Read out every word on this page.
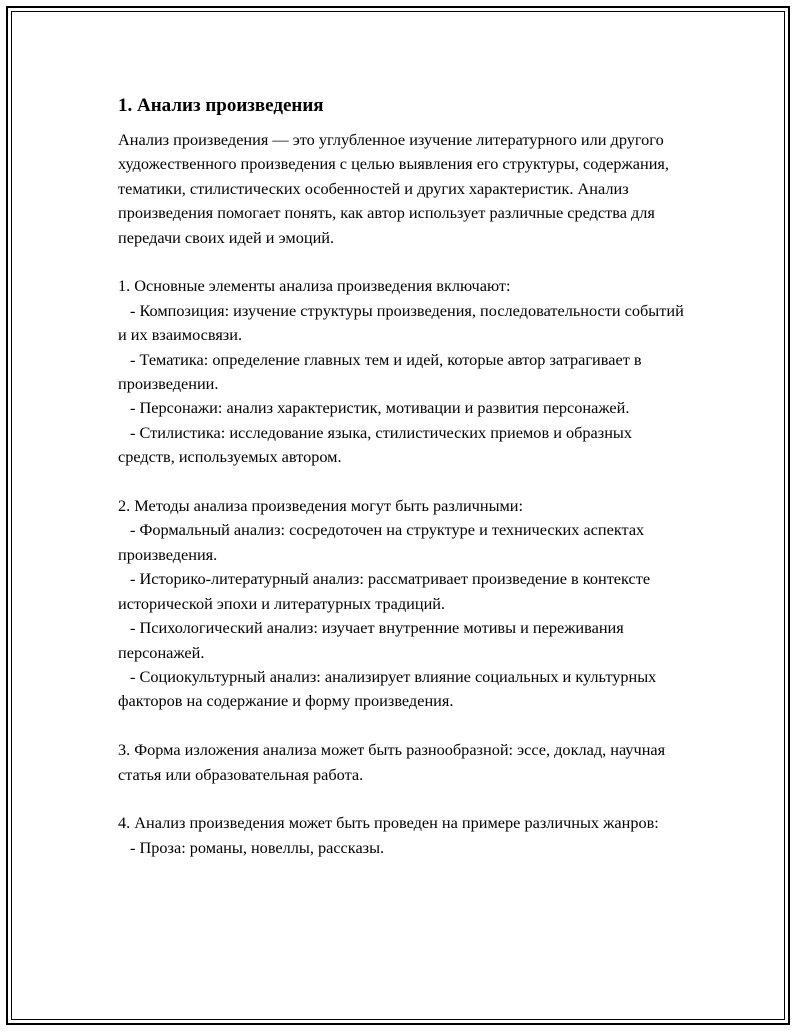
1. Анализ произведения

Анализ произведения — это углубленное изучение литературного или другого художественного произведения с целью выявления его структуры, содержания, тематики, стилистических особенностей и других характеристик. Анализ произведения помогает понять, как автор использует различные средства для передачи своих идей и эмоций.

1. Основные элементы анализа произведения включают:

- Композиция: изучение структуры произведения, последовательности событий и их взаимосвязи.

- Тематика: определение главных тем и идей, которые автор затрагивает в произведении.

- Персонажи: анализ характеристик, мотивации и развития персонажей.

- Стилистика: исследование языка, стилистических приемов и образных средств, используемых автором.

2. Методы анализа произведения могут быть различными:

- Формальный анализ: сосредоточен на структуре и технических аспектах произведения.

- Историко-литературный анализ: рассматривает произведение в контексте исторической эпохи и литературных традиций.

- Психологический анализ: изучает внутренние мотивы и переживания персонажей.

- Социокультурный анализ: анализирует влияние социальных и культурных факторов на содержание и форму произведения.

3. Форма изложения анализа может быть разнообразной: эссе, доклад, научная статья или образовательная работа.

4. Анализ произведения может быть проведен на примере различных жанров:

- Проза: романы, новеллы, рассказы.
